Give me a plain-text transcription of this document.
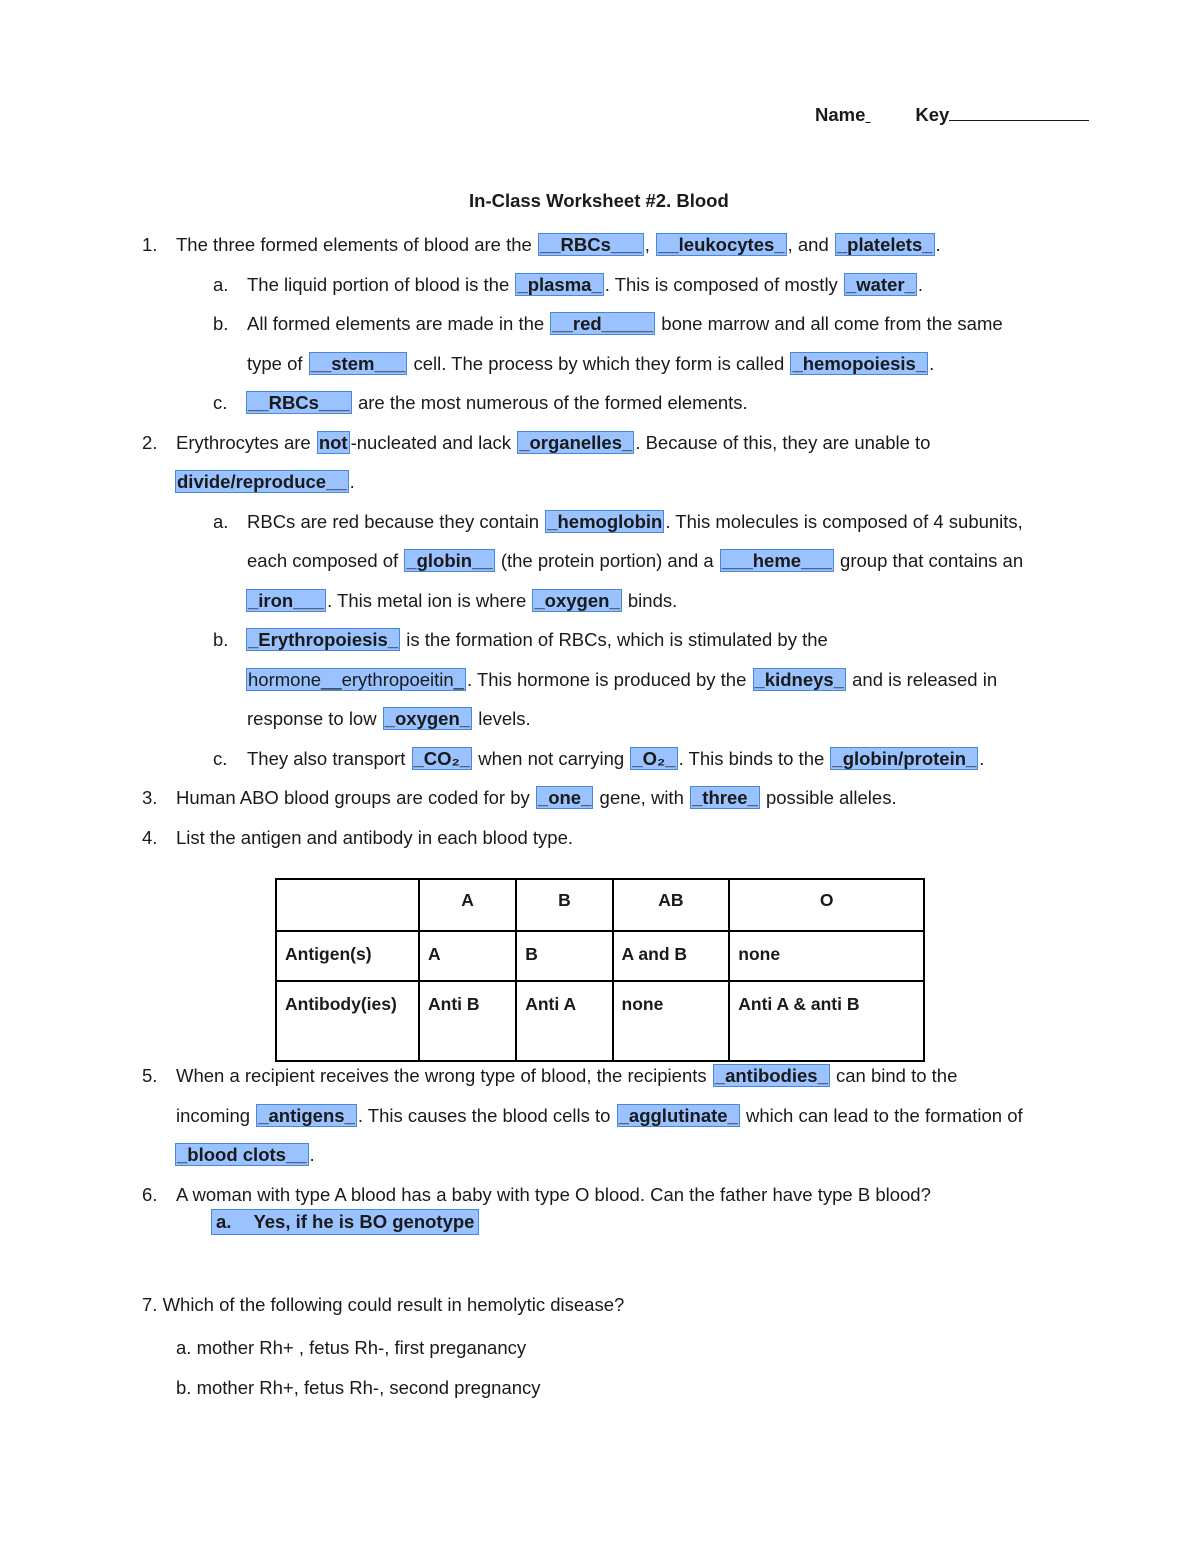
Name	Key
In-Class Worksheet #2. Blood
1. The three formed elements of blood are the __RBCs___ , __leukocytes_ , and _platelets_ .
a. The liquid portion of blood is the _plasma_ . This is composed of mostly _water_ .
b. All formed elements are made in the __red_____ bone marrow and all come from the same
type of __stem___ cell. The process by which they form is called _hemopoiesis_ .
c. __RBCs___ are the most numerous of the formed elements.
2. Erythrocytes are not -nucleated and lack _organelles_ . Because of this, they are unable to
divide/reproduce__ .
a. RBCs are red because they contain _hemoglobin . This molecules is composed of 4 subunits,
each composed of _globin__ (the protein portion) and a ___heme___ group that contains an
_iron___ . This metal ion is where _oxygen_ binds.
b. _Erythropoiesis_ is the formation of RBCs, which is stimulated by the
hormone__erythropoeitin_ . This hormone is produced by the _kidneys_ and is released in
response to low _oxygen_ levels.
c. They also transport _CO₂_ when not carrying _O₂_ . This binds to the _globin/protein_ .
3. Human ABO blood groups are coded for by _one_ gene, with _three_ possible alleles.
4. List the antigen and antibody in each blood type.
	A	B	AB	O
Antigen(s)	A	B	A and B	none
Antibody(ies)	Anti B	Anti A	none	Anti A & anti B
5. When a recipient receives the wrong type of blood, the recipients _antibodies_ can bind to the
incoming _antigens_ . This causes the blood cells to _agglutinate_ which can lead to the formation of
_blood clots__ .
6. A woman with type A blood has a baby with type O blood. Can the father have type B blood?
a. Yes, if he is BO genotype
7. Which of the following could result in hemolytic disease?
a. mother Rh+ , fetus Rh-, first preganancy
b. mother Rh+, fetus Rh-, second pregnancy
